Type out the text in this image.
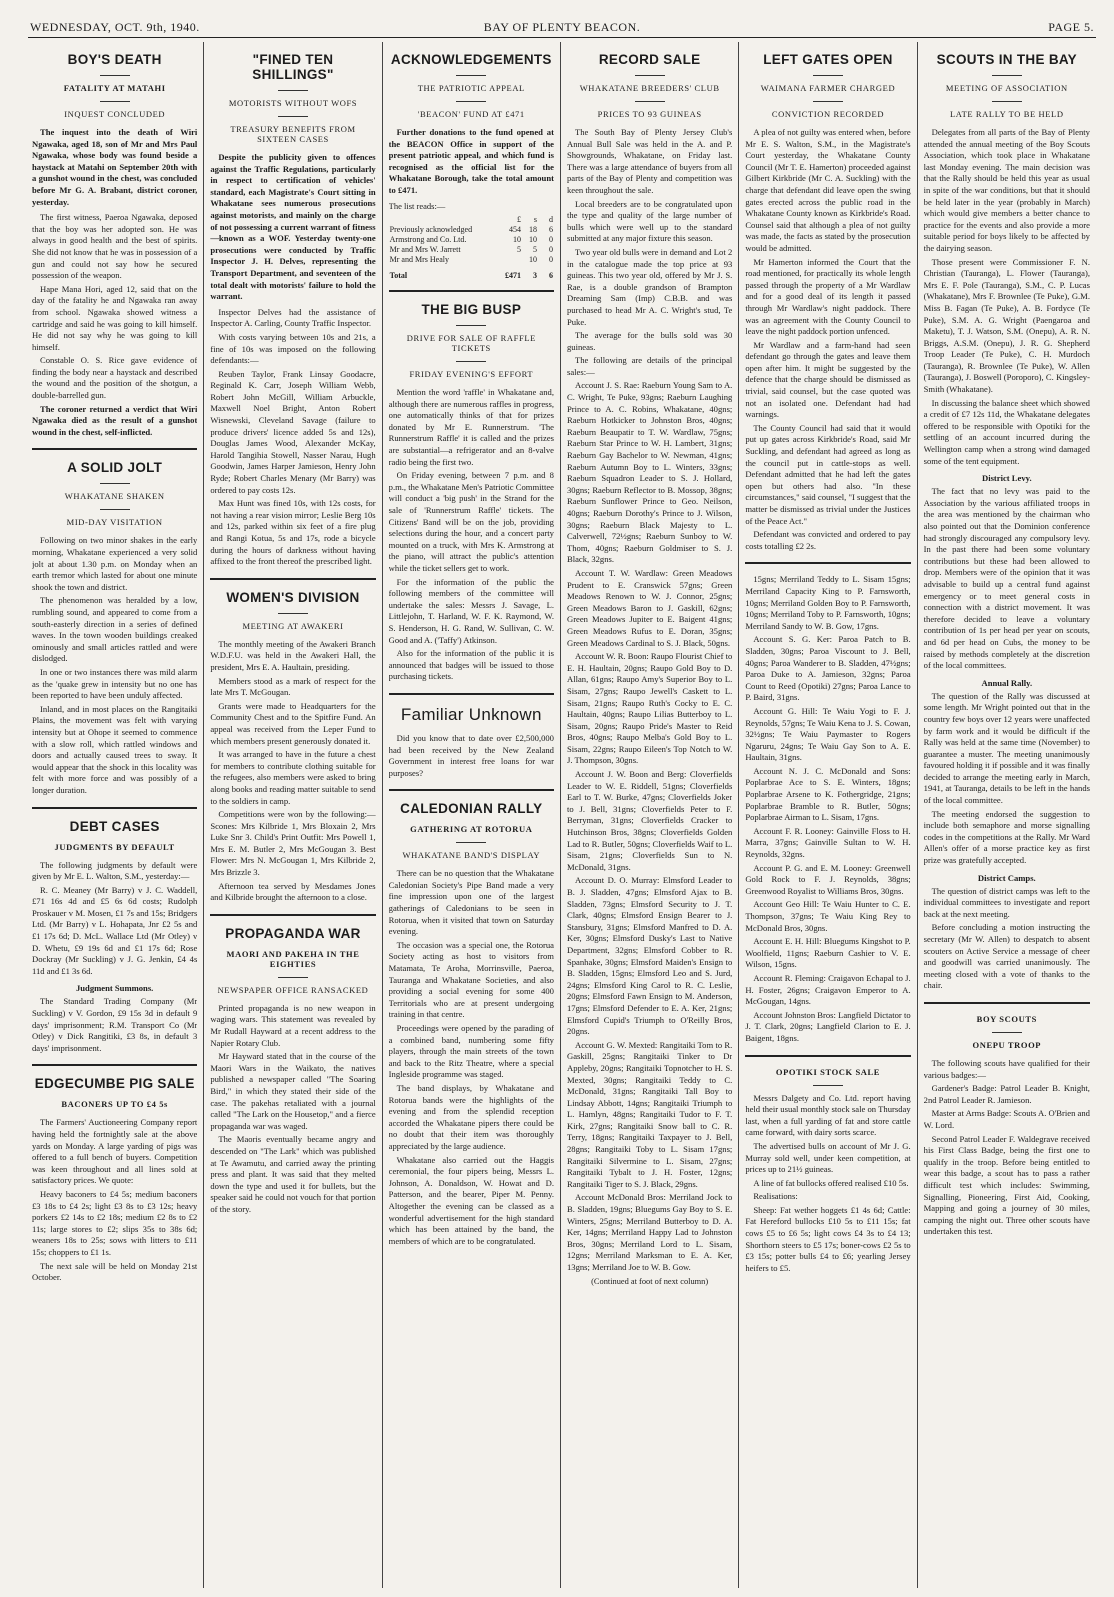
WEDNESDAY, OCT. 9th, 1940.	BAY OF PLENTY BEACON.	PAGE 5.
BOY'S DEATH
FATALITY AT MATAHI
INQUEST CONCLUDED

The inquest into the death of Wiri Ngawaka, aged 18, son of Mr and Mrs Paul Ngawaka, whose body was found beside a haystack at Matahi on September 20th with a gunshot wound in the chest, was concluded before Mr G. A. Brabant, district coroner, yesterday.

The first witness, Paeroa Ngawaka, deposed that the boy was her adopted son. He was always in good health and the best of spirits. She did not know that he was in possession of a gun and could not say how he secured possession of the weapon.

Hape Mana Hori, aged 12, said that on the day of the fatality he and Ngawaka ran away from school. Ngawaka showed witness a cartridge and said he was going to kill himself. He did not say why he was going to kill himself.

Constable O. S. Rice gave evidence of finding the body near a haystack and described the wound and the position of the shotgun, a double-barrelled gun.

The coroner returned a verdict that Wiri Ngawaka died as the result of a gunshot wound in the chest, self-inflicted.

A SOLID JOLT
WHAKATANE SHAKEN
MID-DAY VISITATION

Following on two minor shakes in the early morning, Whakatane experienced a very solid jolt at about 1.30 p.m. on Monday when an earth tremor which lasted for about one minute shook the town and district.

The phenomenon was heralded by a low, rumbling sound, and appeared to come from a south-easterly direction in a series of defined waves. In the town wooden buildings creaked ominously and small articles rattled and were dislodged.

In one or two instances there was mild alarm as the 'quake grew in intensity but no one has been reported to have been unduly affected.

Inland, and in most places on the Rangitaiki Plains, the movement was felt with varying intensity but at Ohope it seemed to commence with a slow roll, which rattled windows and doors and actually caused trees to sway. It would appear that the shock in this locality was felt with more force and was possibly of a longer duration.

DEBT CASES
JUDGMENTS BY DEFAULT

The following judgments by default were given by Mr E. L. Walton, S.M., yesterday:—

R. C. Meaney (Mr Barry) v J. C. Waddell, £71 16s 4d and £5 6s 6d costs; Rudolph Proskauer v M. Mosen, £1 7s and 15s; Bridgers Ltd. (Mr Barry) v L. Hohapata, Jnr £2 5s and £1 17s 6d; D. McL. Wallace Ltd (Mr Otley) v D. Whetu, £9 19s 6d and £1 17s 6d; Rose Dockray (Mr Suckling) v J. G. Jenkin, £4 4s 11d and £1 3s 6d.

Judgment Summons.

The Standard Trading Company (Mr Suckling) v V. Gordon, £9 15s 3d in default 9 days' imprisonment; R.M. Transport Co (Mr Otley) v Dick Rangitiki, £3 8s, in default 3 days' imprisonment.

EDGECUMBE PIG SALE
BACONERS UP TO £4 5s

The Farmers' Auctioneering Company report having held the fortnightly sale at the above yards on Monday. A large yarding of pigs was offered to a full bench of buyers. Competition was keen throughout and all lines sold at satisfactory prices. We quote:

Heavy baconers to £4 5s; medium baconers £3 18s to £4 2s; light £3 8s to £3 12s; heavy porkers £2 14s to £2 18s; medium £2 8s to £2 11s; large stores to £2; slips 35s to 38s 6d; weaners 18s to 25s; sows with litters to £11 15s; choppers to £1 1s.

The next sale will be held on Monday 21st October.

"FINED TEN SHILLINGS"
MOTORISTS WITHOUT WOFS
TREASURY BENEFITS FROM SIXTEEN CASES

Despite the publicity given to offences against the Traffic Regulations, particularly in respect to certification of vehicles' standard, each Magistrate's Court sitting in Whakatane sees numerous prosecutions against motorists, and mainly on the charge of not possessing a current warrant of fitness—known as a WOF. Yesterday twenty-one prosecutions were conducted by Traffic Inspector J. H. Delves, representing the Transport Department, and seventeen of the total dealt with motorists' failure to hold the warrant.

Inspector Delves had the assistance of Inspector A. Carling, County Traffic Inspector.

With costs varying between 10s and 21s, a fine of 10s was imposed on the following defendants:—

Reuben Taylor, Frank Linsay Goodacre, Reginald K. Carr, Joseph William Webb, Robert John McGill, William Arbuckle, Maxwell Noel Bright, Anton Robert Wisnewski, Cleveland Savage (failure to produce drivers' licence added 5s and 12s), Douglas James Wood, Alexander McKay, Harold Tangihia Stowell, Nasser Narau, Hugh Goodwin, James Harper Jamieson, Henry John Ryde; Robert Charles Menary (Mr Barry) was ordered to pay costs 12s.

Max Hunt was fined 10s, with 12s costs, for not having a rear vision mirror; Leslie Berg 10s and 12s, parked within six feet of a fire plug and Rangi Kotua, 5s and 17s, rode a bicycle during the hours of darkness without having affixed to the front thereof the prescribed light.

WOMEN'S DIVISION
MEETING AT AWAKERI

The monthly meeting of the Awakeri Branch W.D.F.U. was held in the Awakeri Hall, the president, Mrs E. A. Haultain, presiding.

Members stood as a mark of respect for the late Mrs T. McGougan.

Grants were made to Headquarters for the Community Chest and to the Spitfire Fund. An appeal was received from the Leper Fund to which members present generously donated it.

It was arranged to have in the future a chest for members to contribute clothing suitable for the refugees, also members were asked to bring along books and reading matter suitable to send to the soldiers in camp.

Competitions were won by the following:—Scones: Mrs Kilbride 1, Mrs Bloxain 2, Mrs Luke Snr 3. Child's Print Outfit: Mrs Powell 1, Mrs E. M. Butler 2, Mrs McGougan 3. Best Flower: Mrs N. McGougan 1, Mrs Kilbride 2, Mrs Brizzle 3.

Afternoon tea served by Mesdames Jones and Kilbride brought the afternoon to a close.

PROPAGANDA WAR
MAORI AND PAKEHA IN THE EIGHTIES
NEWSPAPER OFFICE RANSACKED

Printed propaganda is no new weapon in waging wars. This statement was revealed by Mr Rudall Hayward at a recent address to the Napier Rotary Club.

Mr Hayward stated that in the course of the Maori Wars in the Waikato, the natives published a newspaper called "The Soaring Bird," in which they stated their side of the case. The pakehas retaliated with a journal called "The Lark on the Housetop," and a fierce propaganda war was waged.

The Maoris eventually became angry and descended on "The Lark" which was published at Te Awamutu, and carried away the printing press and plant. It was said that they melted down the type and used it for bullets, but the speaker said he could not vouch for that portion of the story.

ACKNOWLEDGEMENTS
THE PATRIOTIC APPEAL
'BEACON' FUND AT £471

Further donations to the fund opened at the BEACON Office in support of the present patriotic appeal, and which fund is recognised as the official list for the Whakatane Borough, take the total amount to £471.

The list reads:—
	£	s	d
Previously acknowledged	454	18	6
Armstrong and Co. Ltd.	10	10	0
Mr and Mrs W. Jarrett	5	5	0
Mr and Mrs Healy		10	0
Total	£471	3	6
THE BIG BUSP
DRIVE FOR SALE OF RAFFLE TICKETS
FRIDAY EVENING'S EFFORT

Mention the word 'raffle' in Whakatane and, although there are numerous raffles in progress, one automatically thinks of that for prizes donated by Mr E. Runnerstrum. 'The Runnerstrum Raffle' it is called and the prizes are substantial—a refrigerator and an 8-valve radio being the first two.

On Friday evening, between 7 p.m. and 8 p.m., the Whakatane Men's Patriotic Committee will conduct a 'big push' in the Strand for the sale of 'Runnerstrum Raffle' tickets. The Citizens' Band will be on the job, providing selections during the hour, and a concert party mounted on a truck, with Mrs K. Armstrong at the piano, will attract the public's attention while the ticket sellers get to work.

For the information of the public the following members of the committee will undertake the sales: Messrs J. Savage, L. Littlejohn, T. Harland, W. F. K. Raymond, W. S. Henderson, H. G. Rand, W. Sullivan, C. W. Good and A. ('Taffy') Atkinson.

Also for the information of the public it is announced that badges will be issued to those purchasing tickets.

Familiar Unknown

Did you know that to date over £2,500,000 had been received by the New Zealand Government in interest free loans for war purposes?

CALEDONIAN RALLY
GATHERING AT ROTORUA
WHAKATANE BAND'S DISPLAY

There can be no question that the Whakatane Caledonian Society's Pipe Band made a very fine impression upon one of the largest gatherings of Caledonians to be seen in Rotorua, when it visited that town on Saturday evening.

The occasion was a special one, the Rotorua Society acting as host to visitors from Matamata, Te Aroha, Morrinsville, Paeroa, Tauranga and Whakatane Societies, and also providing a social evening for some 400 Territorials who are at present undergoing training in that centre.

Proceedings were opened by the parading of a combined band, numbering some fifty players, through the main streets of the town and back to the Ritz Theatre, where a special Ingleside programme was staged.

The band displays, by Whakatane and Rotorua bands were the highlights of the evening and from the splendid reception accorded the Whakatane pipers there could be no doubt that their item was thoroughly appreciated by the large audience.

Whakatane also carried out the Haggis ceremonial, the four pipers being, Messrs L. Johnson, A. Donaldson, W. Howat and D. Patterson, and the bearer, Piper M. Penny. Altogether the evening can be classed as a wonderful advertisement for the high standard which has been attained by the band, the members of which are to be congratulated.

RECORD SALE
WHAKATANE BREEDERS' CLUB
PRICES TO 93 GUINEAS

The South Bay of Plenty Jersey Club's Annual Bull Sale was held in the A. and P. Showgrounds, Whakatane, on Friday last. There was a large attendance of buyers from all parts of the Bay of Plenty and competition was keen throughout the sale.

Local breeders are to be congratulated upon the type and quality of the large number of bulls which were well up to the standard submitted at any major fixture this season.

Two year old bulls were in demand and Lot 2 in the catalogue made the top price at 93 guineas. This two year old, offered by Mr J. S. Rae, is a double grandson of Brampton Dreaming Sam (Imp) C.B.B. and was purchased to head Mr A. C. Wright's stud, Te Puke.

The average for the bulls sold was 30 guineas.

The following are details of the principal sales:—

Account J. S. Rae: Raeburn Young Sam to A. C. Wright, Te Puke, 93gns; Raeburn Laughing Prince to A. C. Robins, Whakatane, 40gns; Raeburn Hotkicker to Johnston Bros, 40gns; Raeburn Beaupatir to T. W. Wardlaw, 75gns; Raeburn Star Prince to W. H. Lambert, 31gns; Raeburn Gay Bachelor to W. Newman, 41gns; Raeburn Autumn Boy to L. Winters, 33gns; Raeburn Squadron Leader to S. J. Hollard, 30gns; Raeburn Reflector to B. Mossop, 38gns; Raeburn Sunflower Prince to Geo. Neilson, 40gns; Raeburn Dorothy's Prince to J. Wilson, 30gns; Raeburn Black Majesty to L. Calverwell, 72½gns; Raeburn Sunboy to W. Thom, 40gns; Raeburn Goldmiser to S. J. Black, 32gns.

Account T. W. Wardlaw: Green Meadows Prudent to E. Cranswick 57gns; Green Meadows Renown to W. J. Connor, 25gns; Green Meadows Baron to J. Gaskill, 62gns; Green Meadows Jupiter to E. Baigent 41gns; Green Meadows Rufus to E. Doran, 35gns; Green Meadows Cardinal to S. J. Black, 50gns.

Account W. R. Boon: Raupo Flourist Chief to E. H. Haultain, 20gns; Raupo Gold Boy to D. Allan, 61gns; Raupo Amy's Superior Boy to L. Sisam, 27gns; Raupo Jewell's Caskett to L. Sisam, 21gns; Raupo Ruth's Cocky to E. C. Haultain, 40gns; Raupo Lilias Butterboy to L. Sisam, 20gns; Raupo Pride's Master to Reid Bros, 40gns; Raupo Melba's Gold Boy to L. Sisam, 22gns; Raupo Eileen's Top Notch to W. J. Thompson, 30gns.

Account J. W. Boon and Berg: Cloverfields Leader to W. E. Riddell, 51gns; Cloverfields Earl to T. W. Burke, 47gns; Cloverfields Joker to J. Bell, 31gns; Cloverfields Peter to F. Berryman, 31gns; Cloverfields Cracker to Hutchinson Bros, 38gns; Cloverfields Golden Lad to R. Butler, 50gns; Cloverfields Waif to L. Sisam, 21gns; Cloverfields Sun to N. McDonald, 31gns.

Account D. O. Murray: Elmsford Leader to B. J. Sladden, 47gns; Elmsford Ajax to B. Sladden, 73gns; Elmsford Security to J. T. Clark, 40gns; Elmsford Ensign Bearer to J. Stansbury, 31gns; Elmsford Manfred to D. A. Ker, 30gns; Elmsford Dusky's Last to Native Department, 32gns; Elmsford Cobber to R. Spanhake, 30gns; Elmsford Maiden's Ensign to B. Sladden, 15gns; Elmsford Leo and S. Jurd, 24gns; Elmsford King Carol to R. C. Leslie, 20gns; Elmsford Fawn Ensign to M. Anderson, 17gns; Elmsford Defender to E. A. Ker, 21gns; Elmsford Cupid's Triumph to O'Reilly Bros, 20gns.

Account G. W. Mexted: Rangitaiki Tom to R. Gaskill, 25gns; Rangitaiki Tinker to Dr Appleby, 20gns; Rangitaiki Topnotcher to H. S. Mexted, 30gns; Rangitaiki Teddy to C. McDonald, 31gns; Rangitaiki Tall Boy to Lindsay Abbott, 14gns; Rangitaiki Triumph to L. Hamlyn, 48gns; Rangitaiki Tudor to F. T. Kirk, 27gns; Rangitaiki Snow ball to C. R. Terry, 18gns; Rangitaiki Taxpayer to J. Bell, 28gns; Rangitaiki Toby to L. Sisam 17gns; Rangitaiki Silvermine to L. Sisam, 27gns; Rangitaiki Tybalt to J. H. Foster, 12gns; Rangitaiki Tiger to S. J. Black, 29gns.

Account McDonald Bros: Merriland Jock to B. Sladden, 19gns; Bluegums Gay Boy to S. E. Winters, 25gns; Merriland Butterboy to D. A. Ker, 14gns; Merriland Happy Lad to Johnston Bros, 30gns; Merriland Lord to L. Sisam, 12gns; Merriland Marksman to E. A. Ker, 13gns; Merriland Joe to W. B. Gow.

(Continued at foot of next column)
LEFT GATES OPEN
WAIMANA FARMER CHARGED
CONVICTION RECORDED

A plea of not guilty was entered when, before Mr E. S. Walton, S.M., in the Magistrate's Court yesterday, the Whakatane County Council (Mr T. E. Hamerton) proceeded against Gilbert Kirkbride (Mr C. A. Suckling) with the charge that defendant did leave open the swing gates erected across the public road in the Whakatane County known as Kirkbride's Road. Counsel said that although a plea of not guilty was made, the facts as stated by the prosecution would be admitted.

Mr Hamerton informed the Court that the road mentioned, for practically its whole length passed through the property of a Mr Wardlaw and for a good deal of its length it passed through Mr Wardlaw's night paddock. There was an agreement with the County Council to leave the night paddock portion unfenced.

Mr Wardlaw and a farm-hand had seen defendant go through the gates and leave them open after him. It might be suggested by the defence that the charge should be dismissed as trivial, said counsel, but the case quoted was not an isolated one. Defendant had had warnings.

The County Council had said that it would put up gates across Kirkbride's Road, said Mr Suckling, and defendant had agreed as long as the council put in cattle-stops as well. Defendant admitted that he had left the gates open but others had also. "In these circumstances," said counsel, "I suggest that the matter be dismissed as trivial under the Justices of the Peace Act."

Defendant was convicted and ordered to pay costs totalling £2 2s.

15gns; Merriland Teddy to L. Sisam 15gns; Merriland Capacity King to P. Farnsworth, 10gns; Merriland Golden Boy to P. Farnsworth, 10gns; Merriland Toby to P. Farnsworth, 10gns; Merriland Sandy to W. B. Gow, 17gns.

Account S. G. Ker: Paroa Patch to B. Sladden, 30gns; Paroa Viscount to J. Bell, 40gns; Paroa Wanderer to B. Sladden, 47½gns; Paroa Duke to A. Jamieson, 32gns; Paroa Count to Reed (Opotiki) 27gns; Paroa Lance to P. Baird, 31gns.

Account G. Hill: Te Waiu Yogi to F. J. Reynolds, 57gns; Te Waiu Kena to J. S. Cowan, 32½gns; Te Waiu Paymaster to Rogers Ngaruru, 24gns; Te Waiu Gay Son to A. E. Haultain, 31gns.

Account N. J. C. McDonald and Sons: Poplarbrae Ace to S. E. Winters, 18gns; Poplarbrae Arsene to K. Fothergridge, 21gns; Poplarbrae Bramble to R. Butler, 50gns; Poplarbrae Airman to L. Sisam, 17gns.

Account F. R. Looney: Gainville Floss to H. Marra, 37gns; Gainville Sultan to W. H. Reynolds, 32gns.

Account P. G. and E. M. Looney: Greenwell Gold Rock to F. J. Reynolds, 38gns; Greenwood Royalist to Williams Bros, 30gns.

Account Geo Hill: Te Waiu Hunter to C. E. Thompson, 37gns; Te Waiu King Rey to McDonald Bros, 30gns.

Account E. H. Hill: Bluegums Kingshot to P. Woolfield, 11gns; Raeburn Cashier to V. E. Wilson, 15gns.

Account R. Fleming: Craigavon Echapal to J. H. Foster, 26gns; Craigavon Emperor to A. McGougan, 14gns.

Account Johnston Bros: Langfield Dictator to J. T. Clark, 20gns; Langfield Clarion to E. J. Baigent, 18gns.

OPOTIKI STOCK SALE

Messrs Dalgety and Co. Ltd. report having held their usual monthly stock sale on Thursday last, when a full yarding of fat and store cattle came forward, with dairy sorts scarce.

The advertised bulls on account of Mr J. G. Murray sold well, under keen competition, at prices up to 21½ guineas.

A line of fat bullocks offered realised £10 5s.

Realisations:

Sheep: Fat wether hoggets £1 4s 6d; Cattle: Fat Hereford bullocks £10 5s to £11 15s; fat cows £5 to £6 5s; light cows £4 3s to £4 13; Shorthorn steers to £5 17s; boner-cows £2 5s to £3 15s; potter bulls £4 to £6; yearling Jersey heifers to £5.

SCOUTS IN THE BAY
MEETING OF ASSOCIATION
LATE RALLY TO BE HELD

Delegates from all parts of the Bay of Plenty attended the annual meeting of the Boy Scouts Association, which took place in Whakatane last Monday evening. The main decision was that the Rally should be held this year as usual in spite of the war conditions, but that it should be held later in the year (probably in March) which would give members a better chance to practice for the events and also provide a more suitable period for boys likely to be affected by the dairying season.

Those present were Commissioner F. N. Christian (Tauranga), L. Flower (Tauranga), Mrs E. F. Pole (Tauranga), S.M., C. P. Lucas (Whakatane), Mrs F. Brownlee (Te Puke), G.M. Miss B. Fagan (Te Puke), A. B. Fordyce (Te Puke), S.M. A. G. Wright (Paengaroa and Maketu), T. J. Watson, S.M. (Onepu), A. R. N. Briggs, A.S.M. (Onepu), J. R. G. Shepherd Troop Leader (Te Puke), C. H. Murdoch (Tauranga), R. Brownlee (Te Puke), W. Allen (Tauranga), J. Boswell (Poroporo), C. Kingsley-Smith (Whakatane).

In discussing the balance sheet which showed a credit of £7 12s 11d, the Whakatane delegates offered to be responsible with Opotiki for the settling of an account incurred during the Wellington camp when a strong wind damaged some of the tent equipment.

District Levy.

The fact that no levy was paid to the Association by the various affiliated troops in the area was mentioned by the chairman who also pointed out that the Dominion conference had strongly discouraged any compulsory levy. In the past there had been some voluntary contributions but these had been allowed to drop. Members were of the opinion that it was advisable to build up a central fund against emergency or to meet general costs in connection with a district movement. It was therefore decided to leave a voluntary contribution of 1s per head per year on scouts, and 6d per head on Cubs, the money to be raised by methods completely at the discretion of the local committees.

Annual Rally.

The question of the Rally was discussed at some length. Mr Wright pointed out that in the country few boys over 12 years were unaffected by farm work and it would be difficult if the Rally was held at the same time (November) to guarantee a muster. The meeting unanimously favoured holding it if possible and it was finally decided to arrange the meeting early in March, 1941, at Tauranga, details to be left in the hands of the local committee.

The meeting endorsed the suggestion to include both semaphore and morse signalling codes in the competitions at the Rally. Mr Ward Allen's offer of a morse practice key as first prize was gratefully accepted.

District Camps.

The question of district camps was left to the individual committees to investigate and report back at the next meeting.

Before concluding a motion instructing the secretary (Mr W. Allen) to despatch to absent scouters on Active Service a message of cheer and goodwill was carried unanimously. The meeting closed with a vote of thanks to the chair.

BOY SCOUTS
ONEPU TROOP

The following scouts have qualified for their various badges:—

Gardener's Badge: Patrol Leader B. Knight, 2nd Patrol Leader R. Jamieson.

Master at Arms Badge: Scouts A. O'Brien and W. Lord.

Second Patrol Leader F. Waldegrave received his First Class Badge, being the first one to qualify in the troop. Before being entitled to wear this badge, a scout has to pass a rather difficult test which includes: Swimming, Signalling, Pioneering, First Aid, Cooking, Mapping and going a journey of 30 miles, camping the night out. Three other scouts have undertaken this test.
